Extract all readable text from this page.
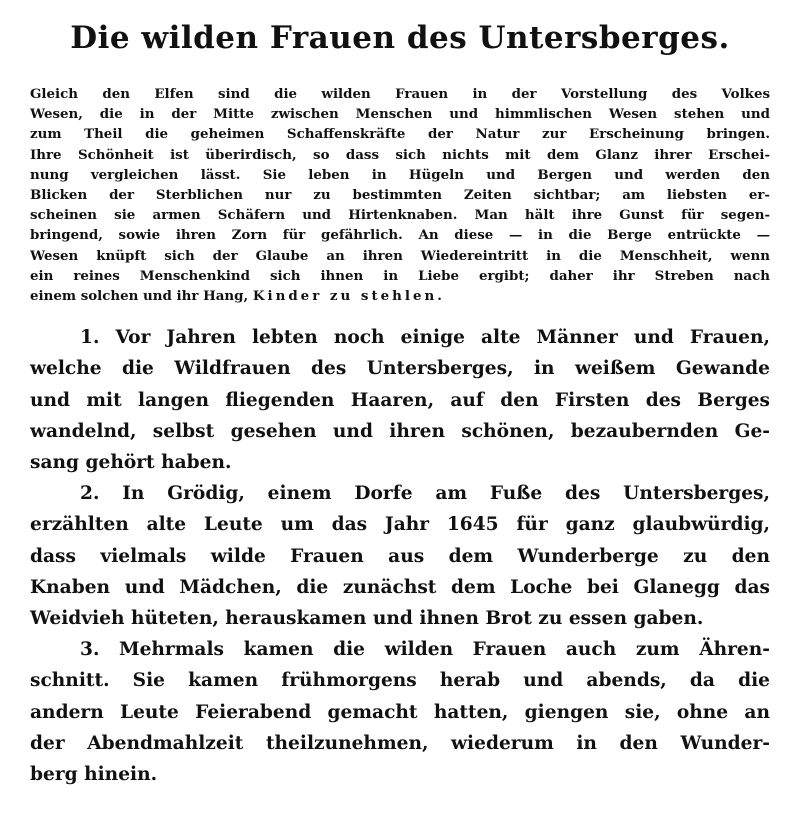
Die wilden Frauen des Untersberges.
Gleich den Elfen sind die wilden Frauen in der Vorstellung des Volkes
Wesen, die in der Mitte zwischen Menschen und himmlischen Wesen stehen und
zum Theil die geheimen Schaffenskräfte der Natur zur Erscheinung bringen.
Ihre Schönheit ist überirdisch, so dass sich nichts mit dem Glanz ihrer Erschei-
nung vergleichen lässt. Sie leben in Hügeln und Bergen und werden den
Blicken der Sterblichen nur zu bestimmten Zeiten sichtbar; am liebsten er-
scheinen sie armen Schäfern und Hirtenknaben. Man hält ihre Gunst für segen-
bringend, sowie ihren Zorn für gefährlich. An diese — in die Berge entrückte —
Wesen knüpft sich der Glaube an ihren Wiedereintritt in die Menschheit, wenn
ein reines Menschenkind sich ihnen in Liebe ergibt; daher ihr Streben nach
einem solchen und ihr Hang, Kinder zu stehlen.
1. Vor Jahren lebten noch einige alte Männer und Frauen,
welche die Wildfrauen des Untersberges, in weißem Gewande
und mit langen fliegenden Haaren, auf den Firsten des Berges
wandelnd, selbst gesehen und ihren schönen, bezaubernden Ge-
sang gehört haben.
2. In Grödig, einem Dorfe am Fuße des Untersberges,
erzählten alte Leute um das Jahr 1645 für ganz glaubwürdig,
dass vielmals wilde Frauen aus dem Wunderberge zu den
Knaben und Mädchen, die zunächst dem Loche bei Glanegg das
Weidvieh hüteten, herauskamen und ihnen Brot zu essen gaben.
3. Mehrmals kamen die wilden Frauen auch zum Ähren-
schnitt. Sie kamen frühmorgens herab und abends, da die
andern Leute Feierabend gemacht hatten, giengen sie, ohne an
der Abendmahlzeit theilzunehmen, wiederum in den Wunder-
berg hinein.
